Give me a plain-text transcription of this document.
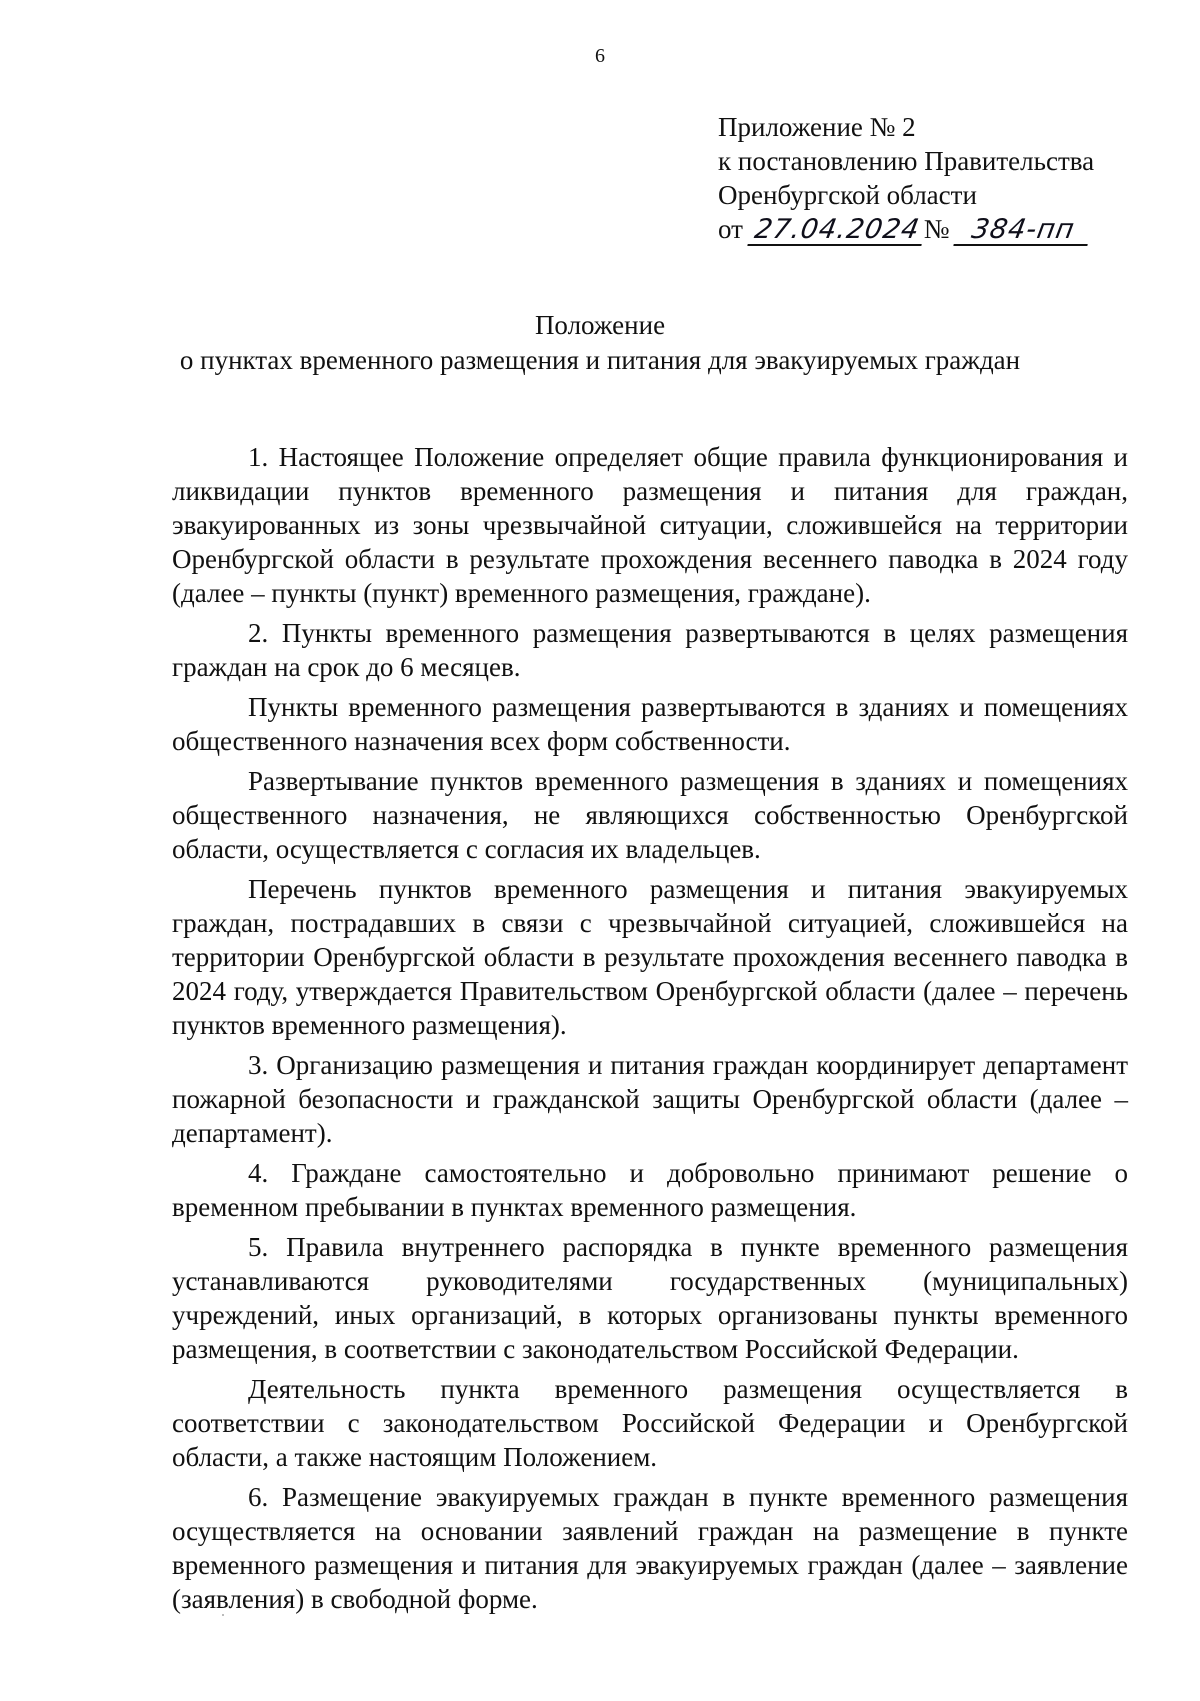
6
Приложение № 2
к постановлению Правительства
Оренбургской области
от 27.04.2024№ 384-пп
Положение
о пунктах временного размещения и питания для эвакуируемых граждан

1. Настоящее Положение определяет общие правила функционирования и ликвидации пунктов временного размещения и питания для граждан, эвакуированных из зоны чрезвычайной ситуации, сложившейся на территории Оренбургской области в результате прохождения весеннего паводка в 2024 году (далее – пункты (пункт) временного размещения, граждане).

2. Пункты временного размещения развертываются в целях размещения граждан на срок до 6 месяцев.

Пункты временного размещения развертываются в зданиях и помещениях общественного назначения всех форм собственности.

Развертывание пунктов временного размещения в зданиях и помещениях общественного назначения, не являющихся собственностью Оренбургской области, осуществляется с согласия их владельцев.

Перечень пунктов временного размещения и питания эвакуируемых граждан, пострадавших в связи с чрезвычайной ситуацией, сложившейся на территории Оренбургской области в результате прохождения весеннего паводка в 2024 году, утверждается Правительством Оренбургской области (далее – перечень пунктов временного размещения).

3. Организацию размещения и питания граждан координирует департамент пожарной безопасности и гражданской защиты Оренбургской области (далее – департамент).

4. Граждане самостоятельно и добровольно принимают решение о временном пребывании в пунктах временного размещения.

5. Правила внутреннего распорядка в пункте временного размещения устанавливаются руководителями государственных (муниципальных) учреждений, иных организаций, в которых организованы пункты временного размещения, в соответствии с законодательством Российской Федерации.

Деятельность пункта временного размещения осуществляется в соответствии с законодательством Российской Федерации и Оренбургской области, а также настоящим Положением.

6. Размещение эвакуируемых граждан в пункте временного размещения осуществляется на основании заявлений граждан на размещение в пункте временного размещения и питания для эвакуируемых граждан (далее – заявление (заявления) в свободной форме.
